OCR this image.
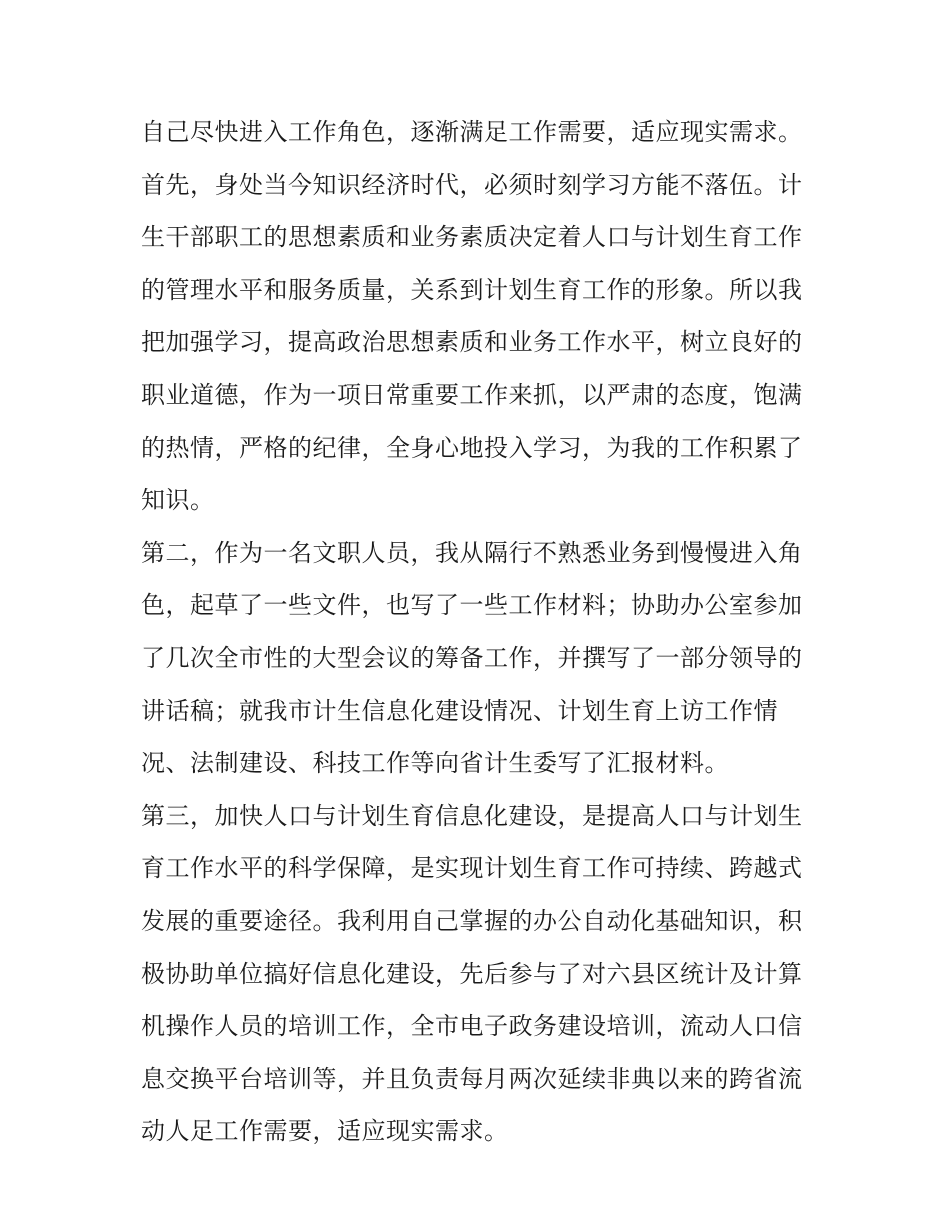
自己尽快进入工作角色，逐渐满足工作需要，适应现实需求。
首先，身处当今知识经济时代，必须时刻学习方能不落伍。计
生干部职工的思想素质和业务素质决定着人口与计划生育工作
的管理水平和服务质量，关系到计划生育工作的形象。所以我
把加强学习，提高政治思想素质和业务工作水平，树立良好的
职业道德，作为一项日常重要工作来抓，以严肃的态度，饱满
的热情，严格的纪律，全身心地投入学习，为我的工作积累了
知识。
第二，作为一名文职人员，我从隔行不熟悉业务到慢慢进入角
色，起草了一些文件，也写了一些工作材料；协助办公室参加
了几次全市性的大型会议的筹备工作，并撰写了一部分领导的
讲话稿；就我市计生信息化建设情况、计划生育上访工作情
况、法制建设、科技工作等向省计生委写了汇报材料。
第三，加快人口与计划生育信息化建设，是提高人口与计划生
育工作水平的科学保障，是实现计划生育工作可持续、跨越式
发展的重要途径。我利用自己掌握的办公自动化基础知识，积
极协助单位搞好信息化建设，先后参与了对六县区统计及计算
机操作人员的培训工作，全市电子政务建设培训，流动人口信
息交换平台培训等，并且负责每月两次延续非典以来的跨省流
动人足工作需要，适应现实需求。
